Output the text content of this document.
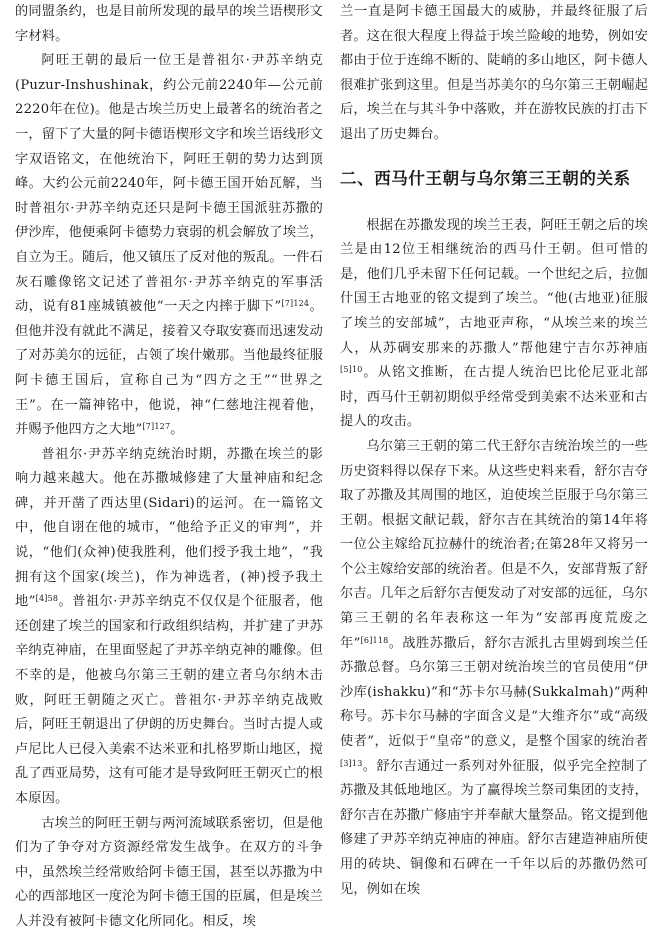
的同盟条约，也是目前所发现的最早的埃兰语楔形文字材料。

阿旺王朝的最后一位王是普祖尔·尹苏辛纳克(Puzur-Inshushinak，约公元前2240年—公元前2220年在位)。他是古埃兰历史上最著名的统治者之一，留下了大量的阿卡德语楔形文字和埃兰语线形文字双语铭文，在他统治下，阿旺王朝的势力达到顶峰。大约公元前2240年，阿卡德王国开始瓦解，当时普祖尔·尹苏辛纳克还只是阿卡德王国派驻苏撒的伊沙库，他便乘阿卡德势力衰弱的机会解放了埃兰，自立为王。随后，他又镇压了反对他的叛乱。一件石灰石雕像铭文记述了普祖尔·尹苏辛纳克的军事活动，说有81座城镇被他“一天之内摔于脚下”$^{[7]124}$。但他并没有就此不满足，接着又夺取安赛而迅速发动了对苏美尔的远征，占领了埃什嫩那。当他最终征服阿卡德王国后，宣称自己为“四方之王”“世界之王”。在一篇神铭中，他说，神“仁慈地注视着他，并赐予他四方之大地”$^{[7]127}$。

普祖尔·尹苏辛纳克统治时期，苏撒在埃兰的影响力越来越大。他在苏撒城修建了大量神庙和纪念碑，并开凿了西达里(Sidari)的运河。在一篇铭文中，他自诩在他的城市，“他给予正义的审判”，并说，“他们(众神)使我胜利，他们授予我土地”，“我拥有这个国家(埃兰)，作为神选者，(神)授予我土地”$^{[4]58}$。普祖尔·尹苏辛纳克不仅仅是个征服者，他还创建了埃兰的国家和行政组织结构，并扩建了尹苏辛纳克神庙，在里面竖起了尹苏辛纳克神的雕像。但不幸的是，他被乌尔第三王朝的建立者乌尔纳木击败，阿旺王朝随之灭亡。普祖尔·尹苏辛纳克战败后，阿旺王朝退出了伊朗的历史舞台。当时古提人或卢尼比人已侵入美索不达米亚和扎格罗斯山地区，搅乱了西亚局势，这有可能才是导致阿旺王朝灭亡的根本原因。

古埃兰的阿旺王朝与两河流域联系密切，但是他们为了争夺对方资源经常发生战争。在双方的斗争中，虽然埃兰经常败给阿卡德王国，甚至以苏撒为中心的西部地区一度沦为阿卡德王国的臣属，但是埃兰人并没有被阿卡德文化所同化。相反，埃

兰一直是阿卡德王国最大的威胁，并最终征服了后者。这在很大程度上得益于埃兰险峻的地势，例如安都由于位于连绵不断的、陡峭的多山地区，阿卡德人很难扩张到这里。但是当苏美尔的乌尔第三王朝崛起后，埃兰在与其斗争中落败，并在游牧民族的打击下退出了历史舞台。

二、西马什王朝与乌尔第三王朝的关系

根据在苏撒发现的埃兰王表，阿旺王朝之后的埃兰是由12位王相继统治的西马什王朝。但可惜的是，他们几乎未留下任何记载。一个世纪之后，拉伽什国王古地亚的铭文提到了埃兰。“他(古地亚)征服了埃兰的安部城”，古地亚声称，“从埃兰来的埃兰人，从苏碉安那来的苏撒人”帮他建宁吉尔苏神庙$^{[5]10}$。从铭文推断，在古提人统治巴比伦尼亚北部时，西马什王朝初期似乎经常受到美索不达米亚和古提人的攻击。

乌尔第三王朝的第二代王舒尔吉统治埃兰的一些历史资料得以保存下来。从这些史料来看，舒尔吉夺取了苏撒及其周围的地区，迫使埃兰臣服于乌尔第三王朝。根据文献记载，舒尔吉在其统治的第14年将一位公主嫁给瓦拉赫什的统治者;在第28年又将另一个公主嫁给安部的统治者。但是不久，安部背叛了舒尔吉。几年之后舒尔吉便发动了对安部的远征，乌尔第三王朝的名年表称这一年为“安部再度荒废之年”$^{[6]118}$。战胜苏撒后，舒尔吉派扎古里姆到埃兰任苏撒总督。乌尔第三王朝对统治埃兰的官员使用“伊沙库(ishakku)”和“苏卡尔马赫(Sukkalmah)”两种称号。苏卡尔马赫的字面含义是“大维齐尔”或“高级使者”，近似于“皇帝”的意义，是整个国家的统治者$^{[3]13}$。舒尔吉通过一系列对外征服，似乎完全控制了苏撒及其低地地区。为了赢得埃兰祭司集团的支持，舒尔吉在苏撒广修庙宇并奉献大量祭品。铭文提到他修建了尹苏辛纳克神庙的神庙。舒尔吉建造神庙所使用的砖块、铜像和石碑在一千年以后的苏撒仍然可见，例如在埃
